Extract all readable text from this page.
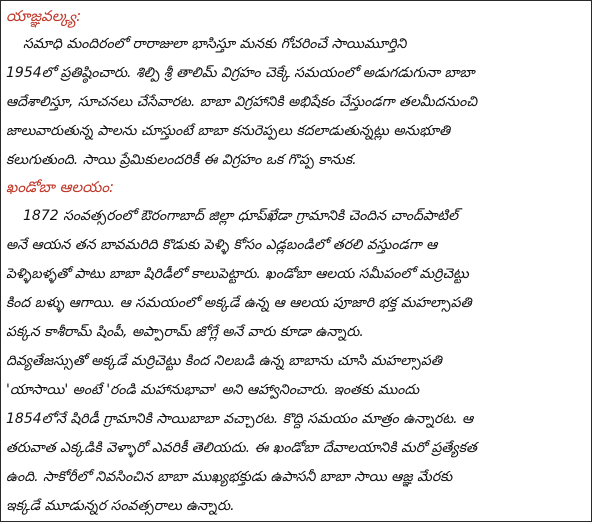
యాజ్ఞవల్క్య:
సమాధి మందిరంలో రారాజులా భాసిస్తూ మనకు గోచరించే సాయిమూర్తిని
1954లో ప్రతిష్ఠించారు. శిల్పి శ్రీ తాలిమ్ విగ్రహం చెక్కే సమయంలో అడుగడుగునా బాబా
ఆదేశాలిస్తూ, సూచనలు చేసేవారట. బాబా విగ్రహానికి అభిషేకం చేస్తుండగా తలమీదనుంచి
జాలువారుతున్న పాలను చూస్తుంటే బాబా కనురెప్పలు కదలాడుతున్నట్లు అనుభూతి
కలుగుతుంది. సాయి ప్రేమికులందరికీ ఈ విగ్రహం ఒక గొప్ప కానుక.
ఖండోబా ఆలయం:
1872 సంవత్సరంలో ఔరంగాబాద్ జిల్లా ధూప్‌ఖేడా గ్రామానికి చెందిన చాంద్‌పాటిల్
అనే ఆయన తన బావమరిది కొడుకు పెళ్ళి కోసం ఎడ్లబండిలో తరలి వస్తుండగా ఆ
పెళ్ళిబళ్ళతో పాటు బాబా షిరిడీలో కాలుపెట్టారు. ఖండోబా ఆలయ సమీపంలో మర్రిచెట్టు
కింద బళ్ళు ఆగాయి. ఆ సమయంలో అక్కడే ఉన్న ఆ ఆలయ పూజారి భక్త మహల్సాపతి
పక్కన కాశీరామ్ షింపీ, అప్పారామ్ జోగ్లే అనే వారు కూడా ఉన్నారు.
దివ్యతేజస్సుతో అక్కడే మర్రిచెట్టు కింద నిలబడి ఉన్న బాబాను చూసి మహల్సాపతి
'యాసాయి' అంటే 'రండి మహానుభావా' అని ఆహ్వానించారు. ఇంతకు ముందు
1854లోనే షిరిడీ గ్రామానికి సాయిబాబా వచ్చారట. కొద్ది సమయం మాత్రం ఉన్నారట. ఆ
తరువాత ఎక్కడికి వెళ్ళారో ఎవరికీ తెలియదు. ఈ ఖండోబా దేవాలయానికి మరో ప్రత్యేకత
ఉంది. సాకోరీలో నివసించిన బాబా ముఖ్యభక్తుడు ఉపాసనీ బాబా సాయి ఆజ్ఞ మేరకు
ఇక్కడే మూడున్నర సంవత్సరాలు ఉన్నారు.
